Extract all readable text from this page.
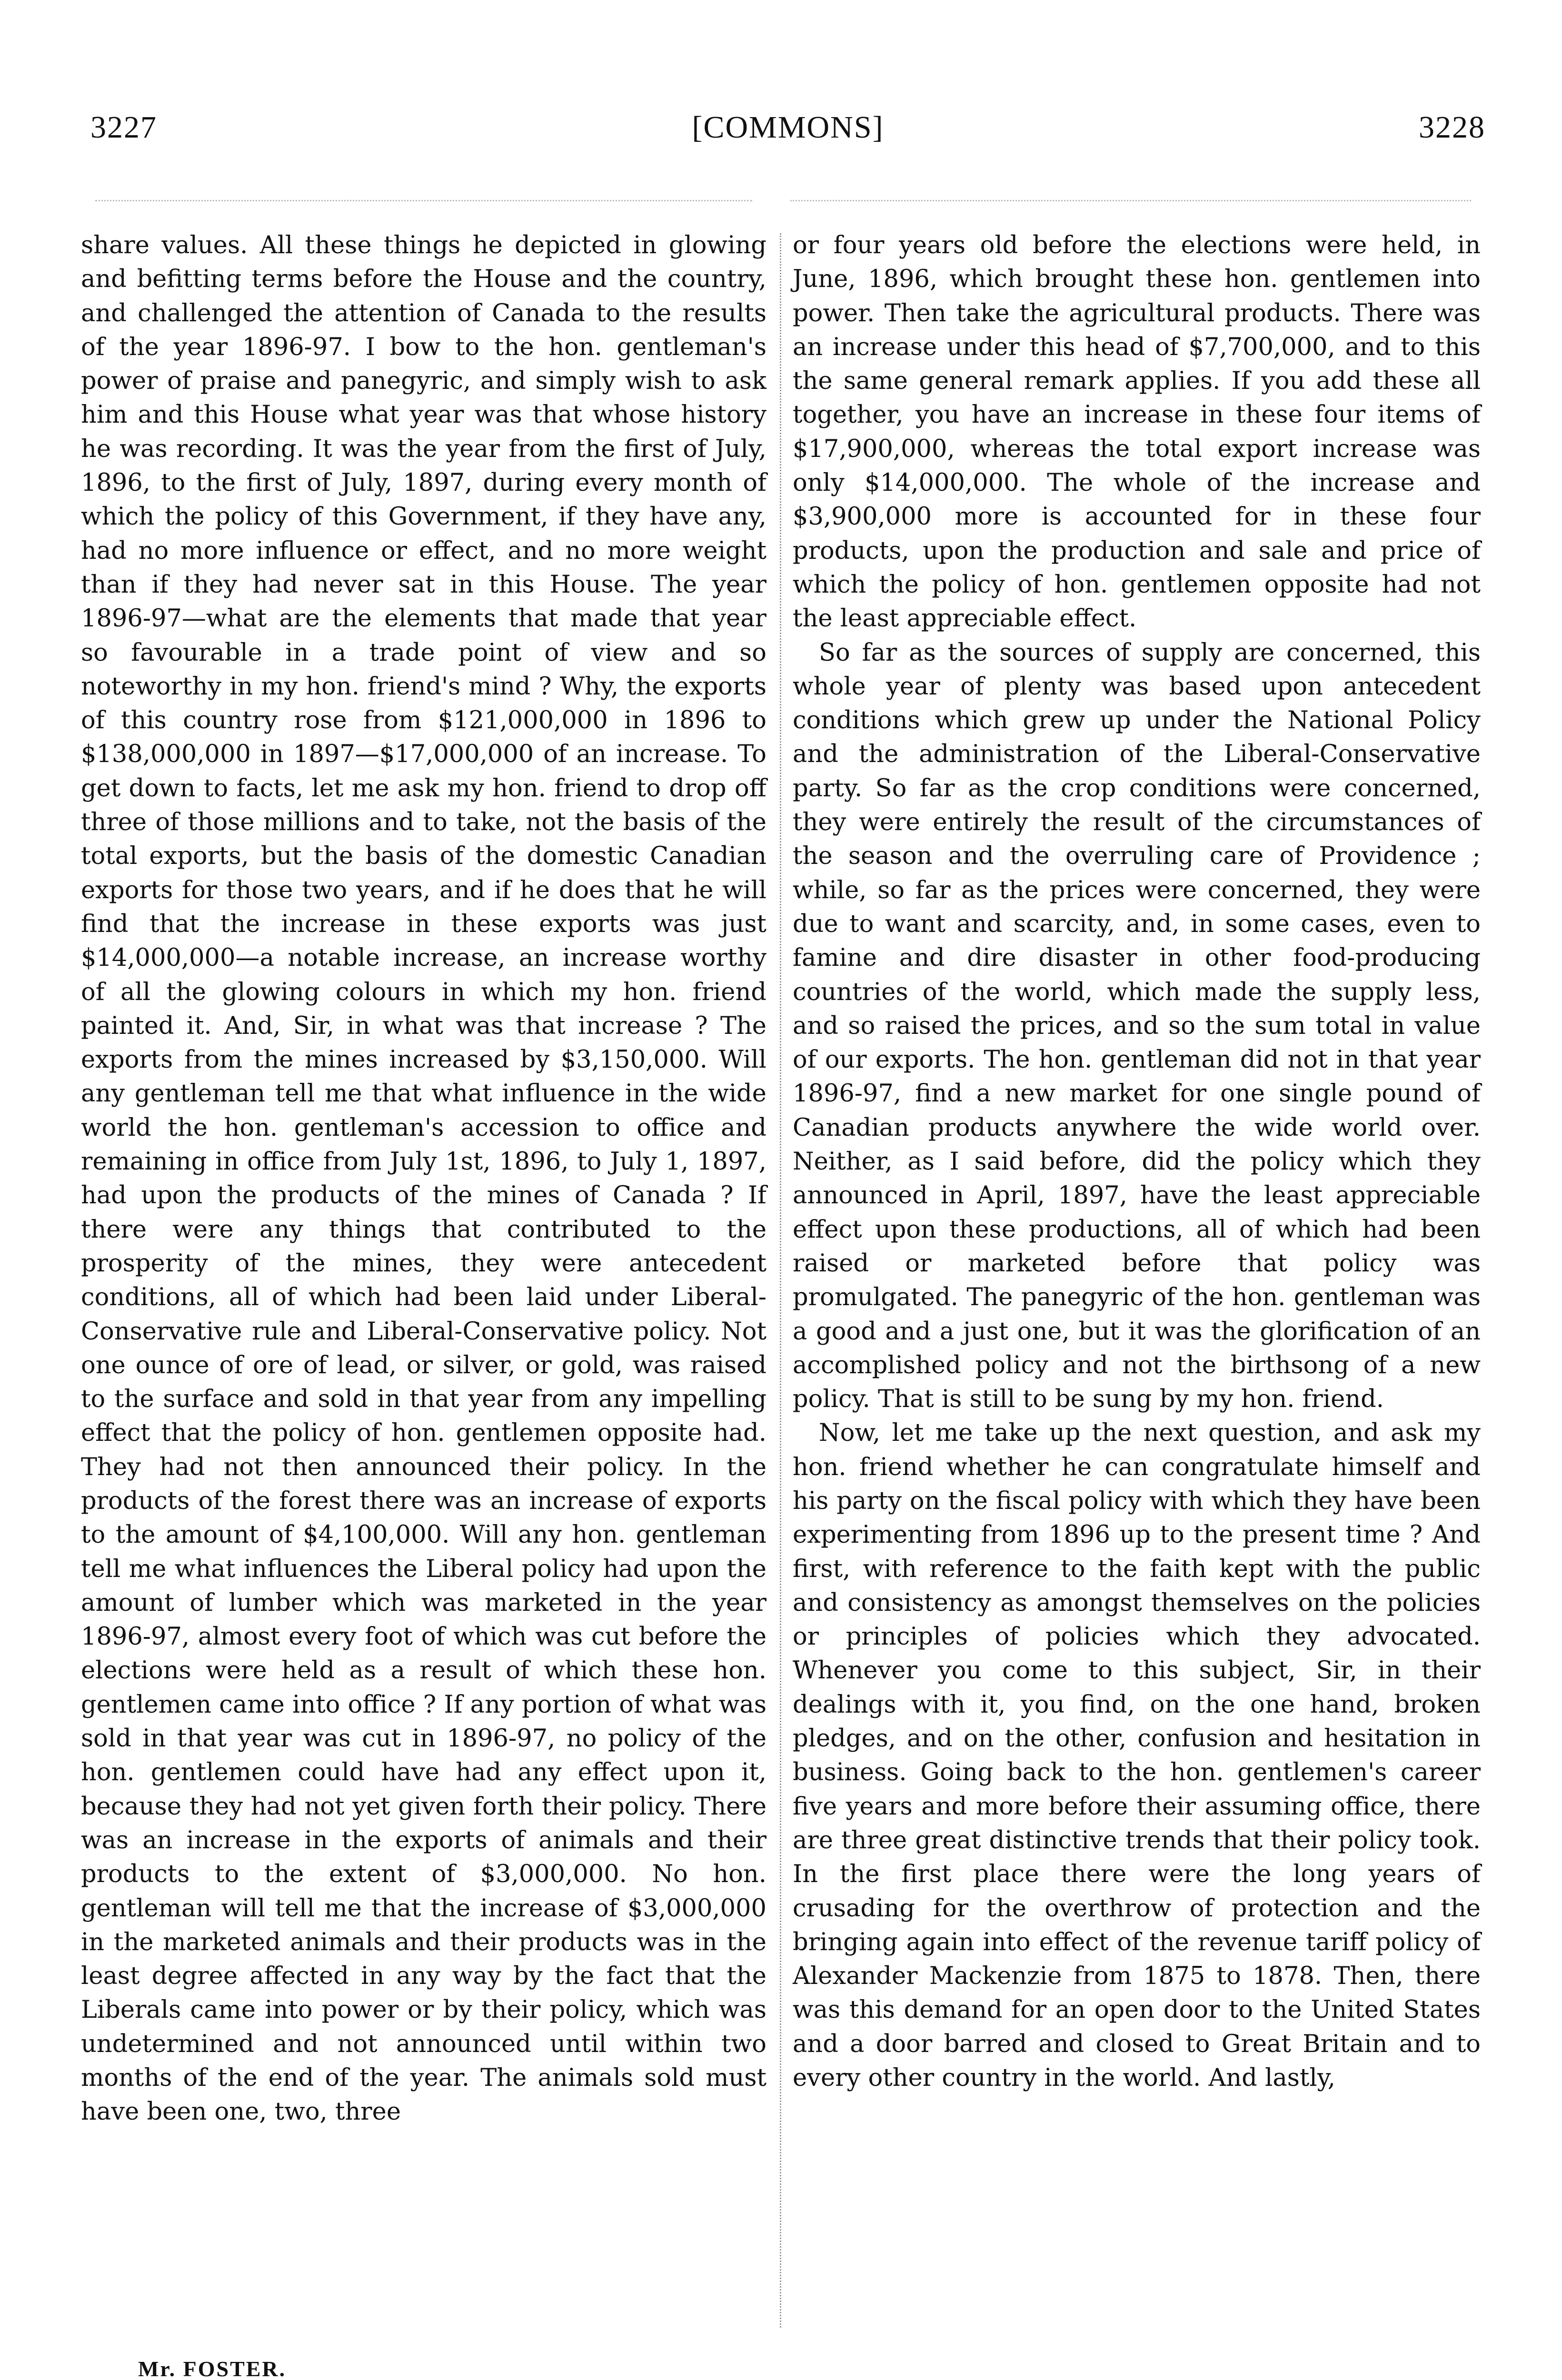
3227	[COMMONS]	3228

share values. All these things he depicted in glowing and befitting terms before the House and the country, and challenged the attention of Canada to the results of the year 1896-97. I bow to the hon. gentleman's power of praise and panegyric, and simply wish to ask him and this House what year was that whose history he was recording. It was the year from the first of July, 1896, to the first of July, 1897, during every month of which the policy of this Government, if they have any, had no more influence or effect, and no more weight than if they had never sat in this House. The year 1896-97—what are the elements that made that year so favourable in a trade point of view and so noteworthy in my hon. friend's mind ? Why, the exports of this country rose from $121,000,000 in 1896 to $138,000,000 in 1897—$17,000,000 of an increase. To get down to facts, let me ask my hon. friend to drop off three of those millions and to take, not the basis of the total exports, but the basis of the domestic Canadian exports for those two years, and if he does that he will find that the increase in these exports was just $14,000,000—a notable increase, an increase worthy of all the glowing colours in which my hon. friend painted it. And, Sir, in what was that increase ? The exports from the mines increased by $3,150,000. Will any gentleman tell me that what influence in the wide world the hon. gentleman's accession to office and remaining in office from July 1st, 1896, to July 1, 1897, had upon the products of the mines of Canada ? If there were any things that contributed to the prosperity of the mines, they were antecedent conditions, all of which had been laid under Liberal-Conservative rule and Liberal-Conservative policy. Not one ounce of ore of lead, or silver, or gold, was raised to the surface and sold in that year from any impelling effect that the policy of hon. gentlemen opposite had. They had not then announced their policy. In the products of the forest there was an increase of exports to the amount of $4,100,000. Will any hon. gentleman tell me what influences the Liberal policy had upon the amount of lumber which was marketed in the year 1896-97, almost every foot of which was cut before the elections were held as a result of which these hon. gentlemen came into office ? If any portion of what was sold in that year was cut in 1896-97, no policy of the hon. gentlemen could have had any effect upon it, because they had not yet given forth their policy. There was an increase in the exports of animals and their products to the extent of $3,000,000. No hon. gentleman will tell me that the increase of $3,000,000 in the marketed animals and their products was in the least degree affected in any way by the fact that the Liberals came into power or by their policy, which was undetermined and not announced until within two months of the end of the year. The animals sold must have been one, two, three

or four years old before the elections were held, in June, 1896, which brought these hon. gentlemen into power. Then take the agricultural products. There was an increase under this head of $7,700,000, and to this the same general remark applies. If you add these all together, you have an increase in these four items of $17,900,000, whereas the total export increase was only $14,000,000. The whole of the increase and $3,900,000 more is accounted for in these four products, upon the production and sale and price of which the policy of hon. gentlemen opposite had not the least appreciable effect.

So far as the sources of supply are concerned, this whole year of plenty was based upon antecedent conditions which grew up under the National Policy and the administration of the Liberal-Conservative party. So far as the crop conditions were concerned, they were entirely the result of the circumstances of the season and the overruling care of Providence ; while, so far as the prices were concerned, they were due to want and scarcity, and, in some cases, even to famine and dire disaster in other food-producing countries of the world, which made the supply less, and so raised the prices, and so the sum total in value of our exports. The hon. gentleman did not in that year 1896-97, find a new market for one single pound of Canadian products anywhere the wide world over. Neither, as I said before, did the policy which they announced in April, 1897, have the least appreciable effect upon these productions, all of which had been raised or marketed before that policy was promulgated. The panegyric of the hon. gentleman was a good and a just one, but it was the glorification of an accomplished policy and not the birthsong of a new policy. That is still to be sung by my hon. friend.

Now, let me take up the next question, and ask my hon. friend whether he can congratulate himself and his party on the fiscal policy with which they have been experimenting from 1896 up to the present time ? And first, with reference to the faith kept with the public and consistency as amongst themselves on the policies or principles of policies which they advocated. Whenever you come to this subject, Sir, in their dealings with it, you find, on the one hand, broken pledges, and on the other, confusion and hesitation in business. Going back to the hon. gentlemen's career five years and more before their assuming office, there are three great distinctive trends that their policy took. In the first place there were the long years of crusading for the overthrow of protection and the bringing again into effect of the revenue tariff policy of Alexander Mackenzie from 1875 to 1878. Then, there was this demand for an open door to the United States and a door barred and closed to Great Britain and to every other country in the world. And lastly,

Mr. FOSTER.
